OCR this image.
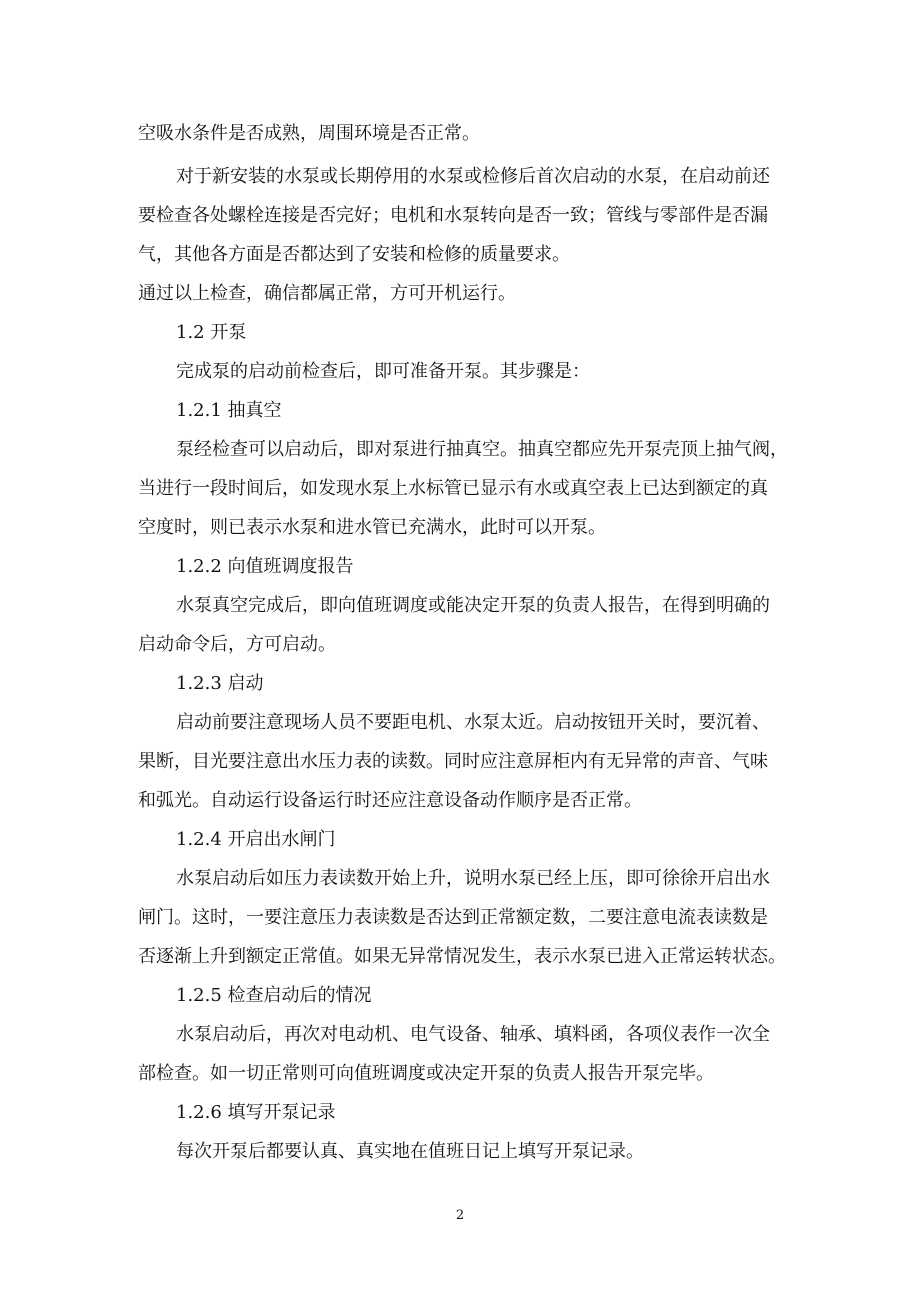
空吸水条件是否成熟，周围环境是否正常。
对于新安装的水泵或长期停用的水泵或检修后首次启动的水泵，在启动前还
要检查各处螺栓连接是否完好；电机和水泵转向是否一致；管线与零部件是否漏
气，其他各方面是否都达到了安装和检修的质量要求。
通过以上检查，确信都属正常，方可开机运行。
1.2 开泵
完成泵的启动前检查后，即可准备开泵。其步骤是：
1.2.1 抽真空
泵经检查可以启动后，即对泵进行抽真空。抽真空都应先开泵壳顶上抽气阀，
当进行一段时间后，如发现水泵上水标管已显示有水或真空表上已达到额定的真
空度时，则已表示水泵和进水管已充满水，此时可以开泵。
1.2.2 向值班调度报告
水泵真空完成后，即向值班调度或能决定开泵的负责人报告，在得到明确的
启动命令后，方可启动。
1.2.3 启动
启动前要注意现场人员不要距电机、水泵太近。启动按钮开关时，要沉着、
果断，目光要注意出水压力表的读数。同时应注意屏柜内有无异常的声音、气味
和弧光。自动运行设备运行时还应注意设备动作顺序是否正常。
1.2.4 开启出水闸门
水泵启动后如压力表读数开始上升，说明水泵已经上压，即可徐徐开启出水
闸门。这时，一要注意压力表读数是否达到正常额定数，二要注意电流表读数是
否逐渐上升到额定正常值。如果无异常情况发生，表示水泵已进入正常运转状态。
1.2.5 检查启动后的情况
水泵启动后，再次对电动机、电气设备、轴承、填料函，各项仪表作一次全
部检查。如一切正常则可向值班调度或决定开泵的负责人报告开泵完毕。
1.2.6 填写开泵记录
每次开泵后都要认真、真实地在值班日记上填写开泵记录。
2
